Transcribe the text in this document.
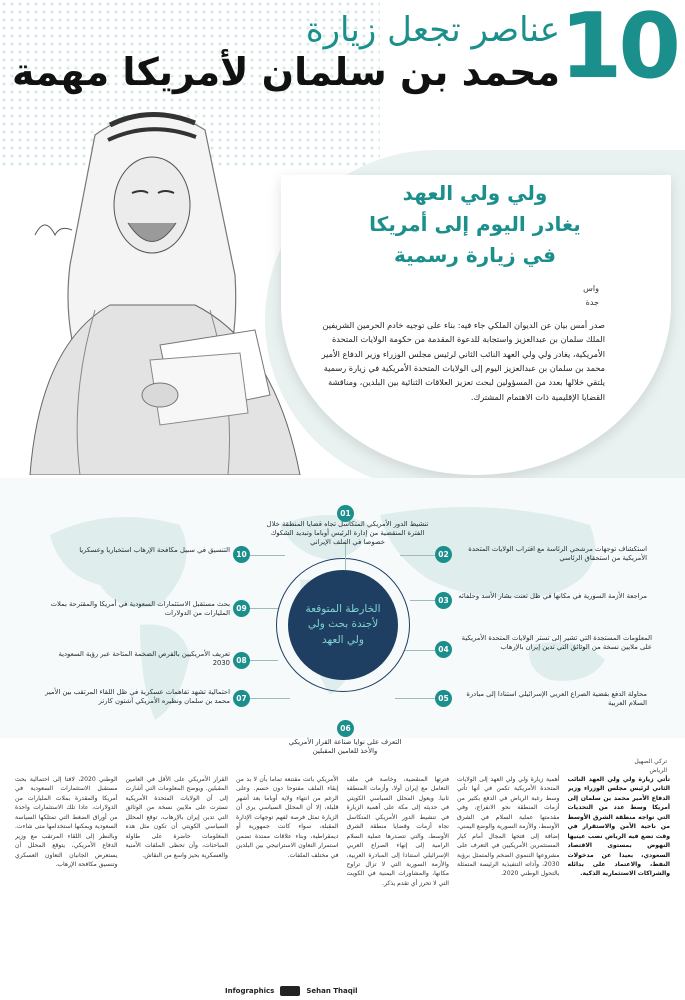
10
عناصر تجعل زيارة
محمد بن سلمان لأمريكا مهمة
ولي ولي العهد
يغادر اليوم إلى أمريكا
في زيارة رسمية
واس
جدة
صدر أمس بيان عن الديوان الملكي جاء فيه: بناء على توجيه خادم الحرمين الشريفين الملك سلمان بن عبدالعزيز واستجابة للدعوة المقدمة من حكومة الولايات المتحدة الأمريكية، يغادر ولي ولي العهد النائب الثاني لرئيس مجلس الوزراء وزير الدفاع الأمير محمد بن سلمان بن عبدالعزيز اليوم إلى الولايات المتحدة الأمريكية في زيارة رسمية يلتقي خلالها بعدد من المسؤولين لبحث تعزيز العلاقات الثنائية بين البلدين، ومناقشة القضايا الإقليمية ذات الاهتمام المشترك.
الخارطة المتوقعة لأجندة بحث ولي ولي العهد
01
تنشيط الدور الأمريكي المتكاسل تجاه قضايا المنطقة خلال الفترة المنقضية من إدارة الرئيس أوباما وتبديد الشكوك خصوصا في الملف الإيراني
02
استكشاف توجهات مرشحي الرئاسة مع اقتراب الولايات المتحدة الأمريكية من استحقاق الرئاسي
03	مراجعة الأزمة السورية في مكانها في ظل تعنت بشار الأسد وحلفائه
04
المعلومات المستجدة التي تشير إلى تستر الولايات المتحدة الأمريكية على ملايين نسخة من الوثائق التي تدين إيران بالإرهاب
05	محاولة الدفع بقضية الصراع العربي الإسرائيلي استنادا إلى مبادرة السلام العربية
06
التعرف على نوايا صناعة القرار الأمريكي والأخذ للعامين المقبلين
07
احتمالية تشهد تفاهمات عسكرية في ظل اللقاء المرتقب بين الأمير محمد بن سلمان ونظيره الأمريكي آشتون كارتر
08
تعريف الأمريكيين بالفرص الضخمة المتاحة عبر رؤية السعودية 2030
09
بحث مستقبل الاستثمارات السعودية في أمريكا والمقترحة بملات المليارات من الدولارات
10
التنسيق في سبيل مكافحة الإرهاب استخباريا وعسكريا
تركي الصهيل
الرياض
تأتي زيارة ولي ولي العهد النائب الثاني لرئيس مجلس الوزراء وزير الدفاع الأمير محمد بن سلمان إلى أمريكا وسط عدد من التحديات التي تواجه منطقة الشرق الأوسط من ناحية الأمن والاستقرار في وقت تضع فيه الرياض نصب عينيها النهوض بمستوى الاقتصاد السعودي، بعيدا عن مدخولات النفط، والاعتماد على بدائله والشراكات الاستثمارية الذكية.
أهمية زيارة ولي ولي العهد إلى الولايات المتحدة الأمريكية تكمن في أنها تأتي وسط رغبة الرياض في الدفع بكثير من أزمات المنطقة نحو الانفراج، وفي مقدمتها عملية السلام في الشرق الأوسط، والأزمة السورية والوضع اليمني، إضافة إلى فتحها المجال أمام كبار المستثمرين الأمريكيين في التعرف على مشروعها التنموي الضخم والمتمثل برؤية 2030، وأداته التنفيذية الرئيسة المتمثلة بالتحول الوطني 2020.
فترتها المنقضية، وخاصة في ملف التعامل مع إيران أولا، وأزمات المنطقة ثانيا. ويعول المحلل السياسي الكويتي في حديثه إلى مكة على أهمية الزيارة في تنشيط الدور الأمريكي المتكاسل تجاه أزمات وقضايا منطقة الشرق الأوسط، والتي تتصدرها عملية السلام الرامية إلى إنهاء الصراع العربي الإسرائيلي استنادا إلى المبادرة العربية، والأزمة السورية التي لا تزال تراوح مكانها، والمشاورات اليمنية في الكويت التي لا تحرز أي تقدم يذكر.
الأمريكي باتت مقتنعة تماما بأن لا بد من إبقاء الملف مفتوحا دون حسم. وعلى الرغم من انتهاء ولاية أوباما بعد أشهر قليلة، إلا أن المحلل السياسي يرى أن الزيارة تمثل فرصة لفهم توجهات الإدارة المقبلة، سواء كانت جمهورية أو ديمقراطية، وبناء علاقات ممتدة تضمن استمرار التعاون الاستراتيجي بين البلدين في مختلف الملفات.
القرار الأمريكي على الأقل في العامين المقبلين. ويوضح المعلومات التي أشارت إلى أن الولايات المتحدة الأمريكية تسترت على ملايين نسخة من الوثائق التي تدين إيران بالإرهاب، توقع المحلل السياسي الكويتي أن تكون مثل هذه المعلومات حاضرة على طاولة المباحثات، وأن تحظى الملفات الأمنية والعسكرية بحيز واسع من النقاش.
الوطني 2020، لافتا إلى احتمالية بحث مستقبل الاستثمارات السعودية في أمريكا والمقدرة بملات المليارات من الدولارات، عادا تلك الاستثمارات واحدة من أوراق الضغط التي تمتلكها السياسة السعودية ويمكنها استخدامها متى شاءت. وبالنظر إلى اللقاء المرتقب مع وزير الدفاع الأمريكي، يتوقع المحلل أن يستعرض الجانبان التعاون العسكري وتنسيق مكافحة الإرهاب.
Infographics	Sehan Thaqil
